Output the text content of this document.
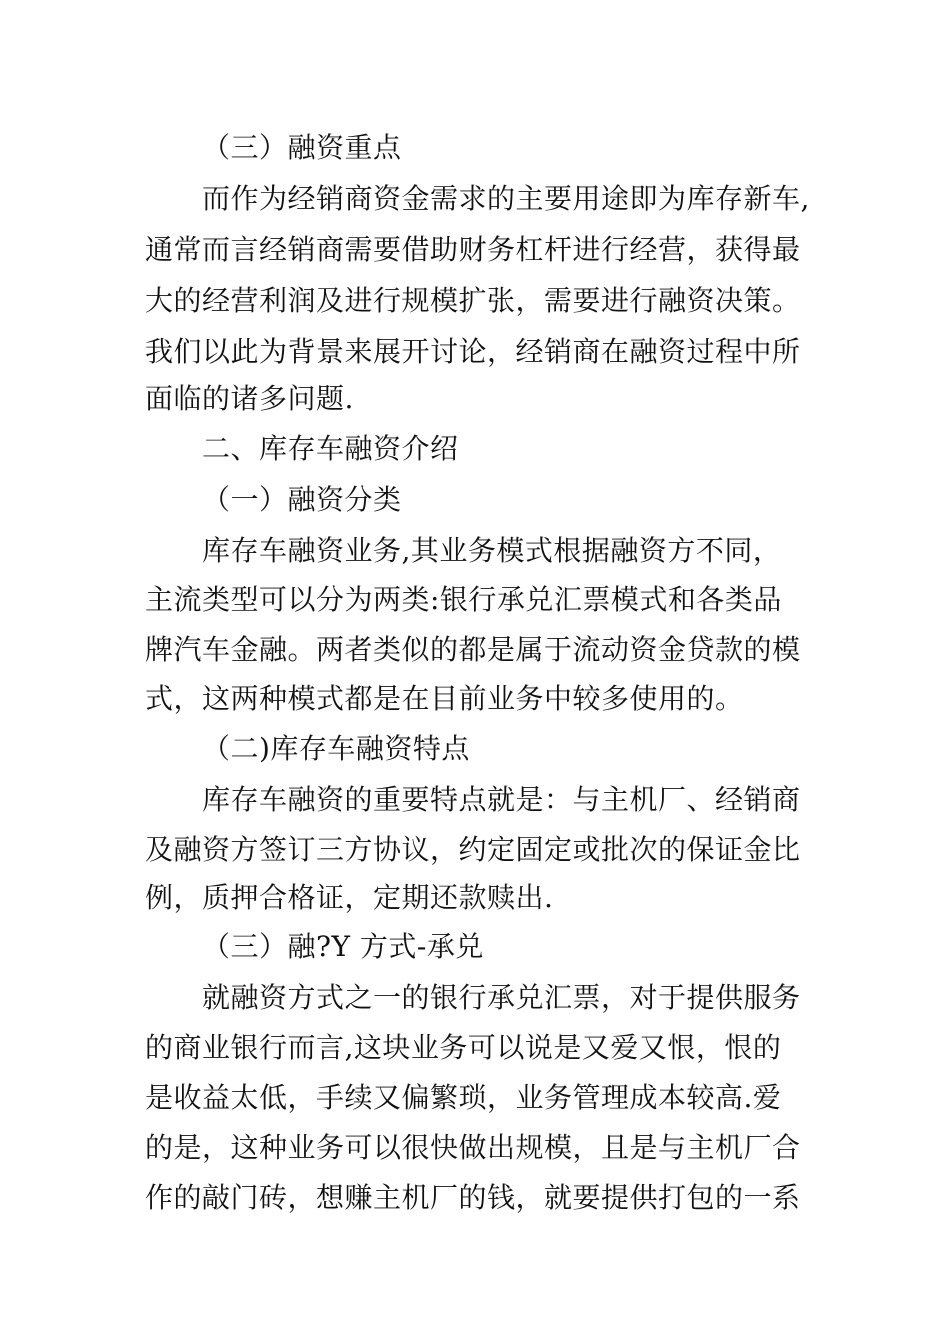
（三）融资重点
而作为经销商资金需求的主要用途即为库存新车,
通常而言经销商需要借助财务杠杆进行经营，获得最
大的经营利润及进行规模扩张，需要进行融资决策。
我们以此为背景来展开讨论，经销商在融资过程中所
面临的诸多问题.
二、库存车融资介绍
（一）融资分类
库存车融资业务,其业务模式根据融资方不同，
主流类型可以分为两类:银行承兑汇票模式和各类品
牌汽车金融。两者类似的都是属于流动资金贷款的模
式，这两种模式都是在目前业务中较多使用的。
（二)库存车融资特点
库存车融资的重要特点就是：与主机厂、经销商
及融资方签订三方协议，约定固定或批次的保证金比
例，质押合格证，定期还款赎出.
（三）融?Y 方式-承兑
就融资方式之一的银行承兑汇票，对于提供服务
的商业银行而言,这块业务可以说是又爱又恨，恨的
是收益太低，手续又偏繁琐，业务管理成本较高.爱
的是，这种业务可以很快做出规模，且是与主机厂合
作的敲门砖，想赚主机厂的钱，就要提供打包的一系
